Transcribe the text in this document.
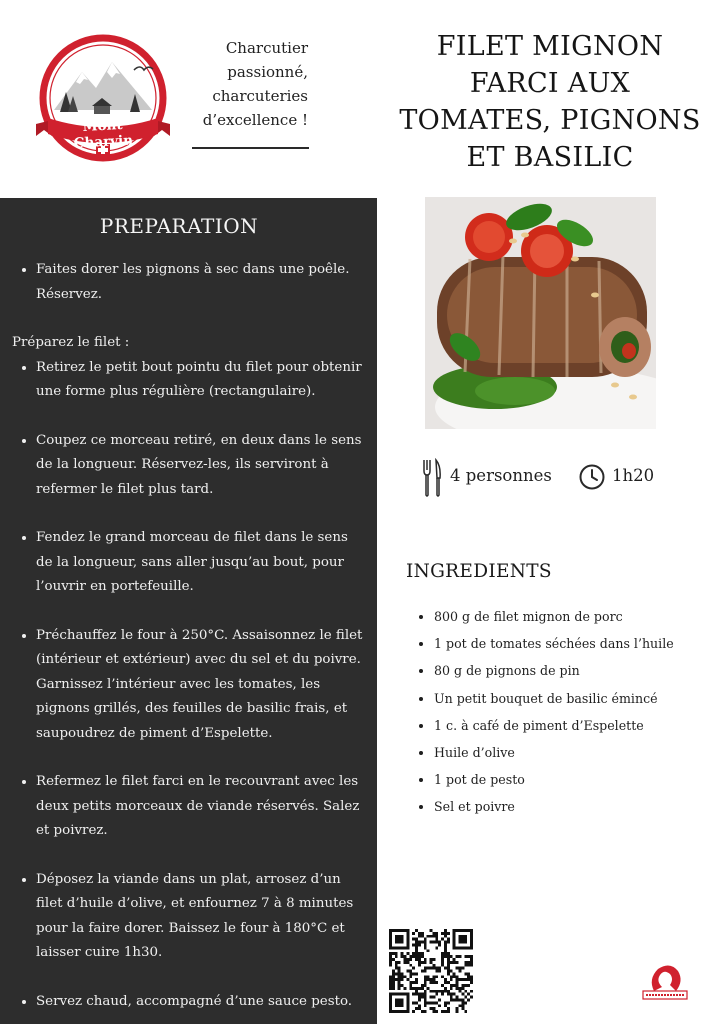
Mont Charvin
Charcutier
passionné,
charcuteries
d’excellence !
FILET MIGNON
FARCI AUX
TOMATES, PIGNONS
ET BASILIC
PREPARATION
• Faites dorer les pignons à sec dans une poêle. Réservez.
Préparez le filet :
• Retirez le petit bout pointu du filet pour obtenir une forme plus régulière (rectangulaire).
• Coupez ce morceau retiré, en deux dans le sens de la longueur. Réservez-les, ils serviront à refermer le filet plus tard.
• Fendez le grand morceau de filet dans le sens de la longueur, sans aller jusqu’au bout, pour l’ouvrir en portefeuille.
• Préchauffez le four à 250°C. Assaisonnez le filet (intérieur et extérieur) avec du sel et du poivre. Garnissez l’intérieur avec les tomates, les pignons grillés, des feuilles de basilic frais, et saupoudrez de piment d’Espelette.
• Refermez le filet farci en le recouvrant avec les deux petits morceaux de viande réservés. Salez et poivrez.
• Déposez la viande dans un plat, arrosez d’un filet d’huile d’olive, et enfournez 7 à 8 minutes pour la faire dorer. Baissez le four à 180°C et laisser cuire 1h30.
• Servez chaud, accompagné d’une sauce pesto.
4 personnes	1h20
INGREDIENTS
• 800 g de filet mignon de porc
• 1 pot de tomates séchées dans l’huile
• 80 g de pignons de pin
• Un petit bouquet de basilic émincé
• 1 c. à café de piment d’Espelette
• Huile d’olive
• 1 pot de pesto
• Sel et poivre
